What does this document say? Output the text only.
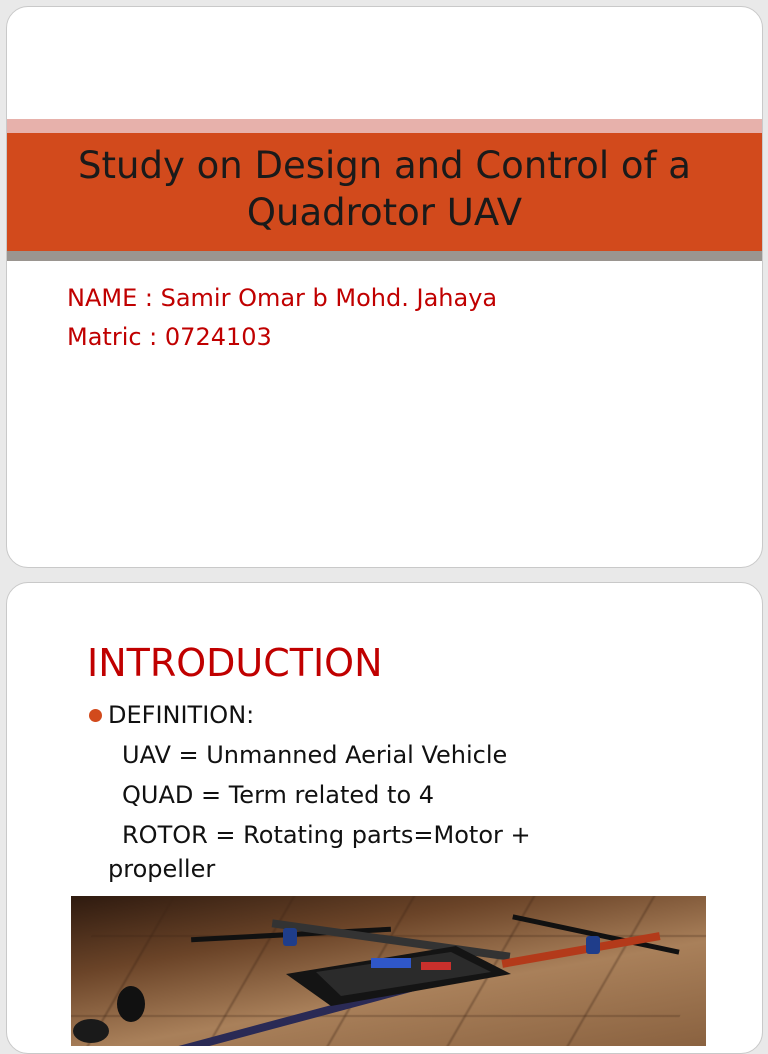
Study on Design and Control of a Quadrotor UAV
NAME : Samir Omar b Mohd. Jahaya
Matric : 0724103
INTRODUCTION
DEFINITION:
UAV = Unmanned Aerial Vehicle
QUAD = Term related to 4
ROTOR = Rotating parts=Motor +
propeller
